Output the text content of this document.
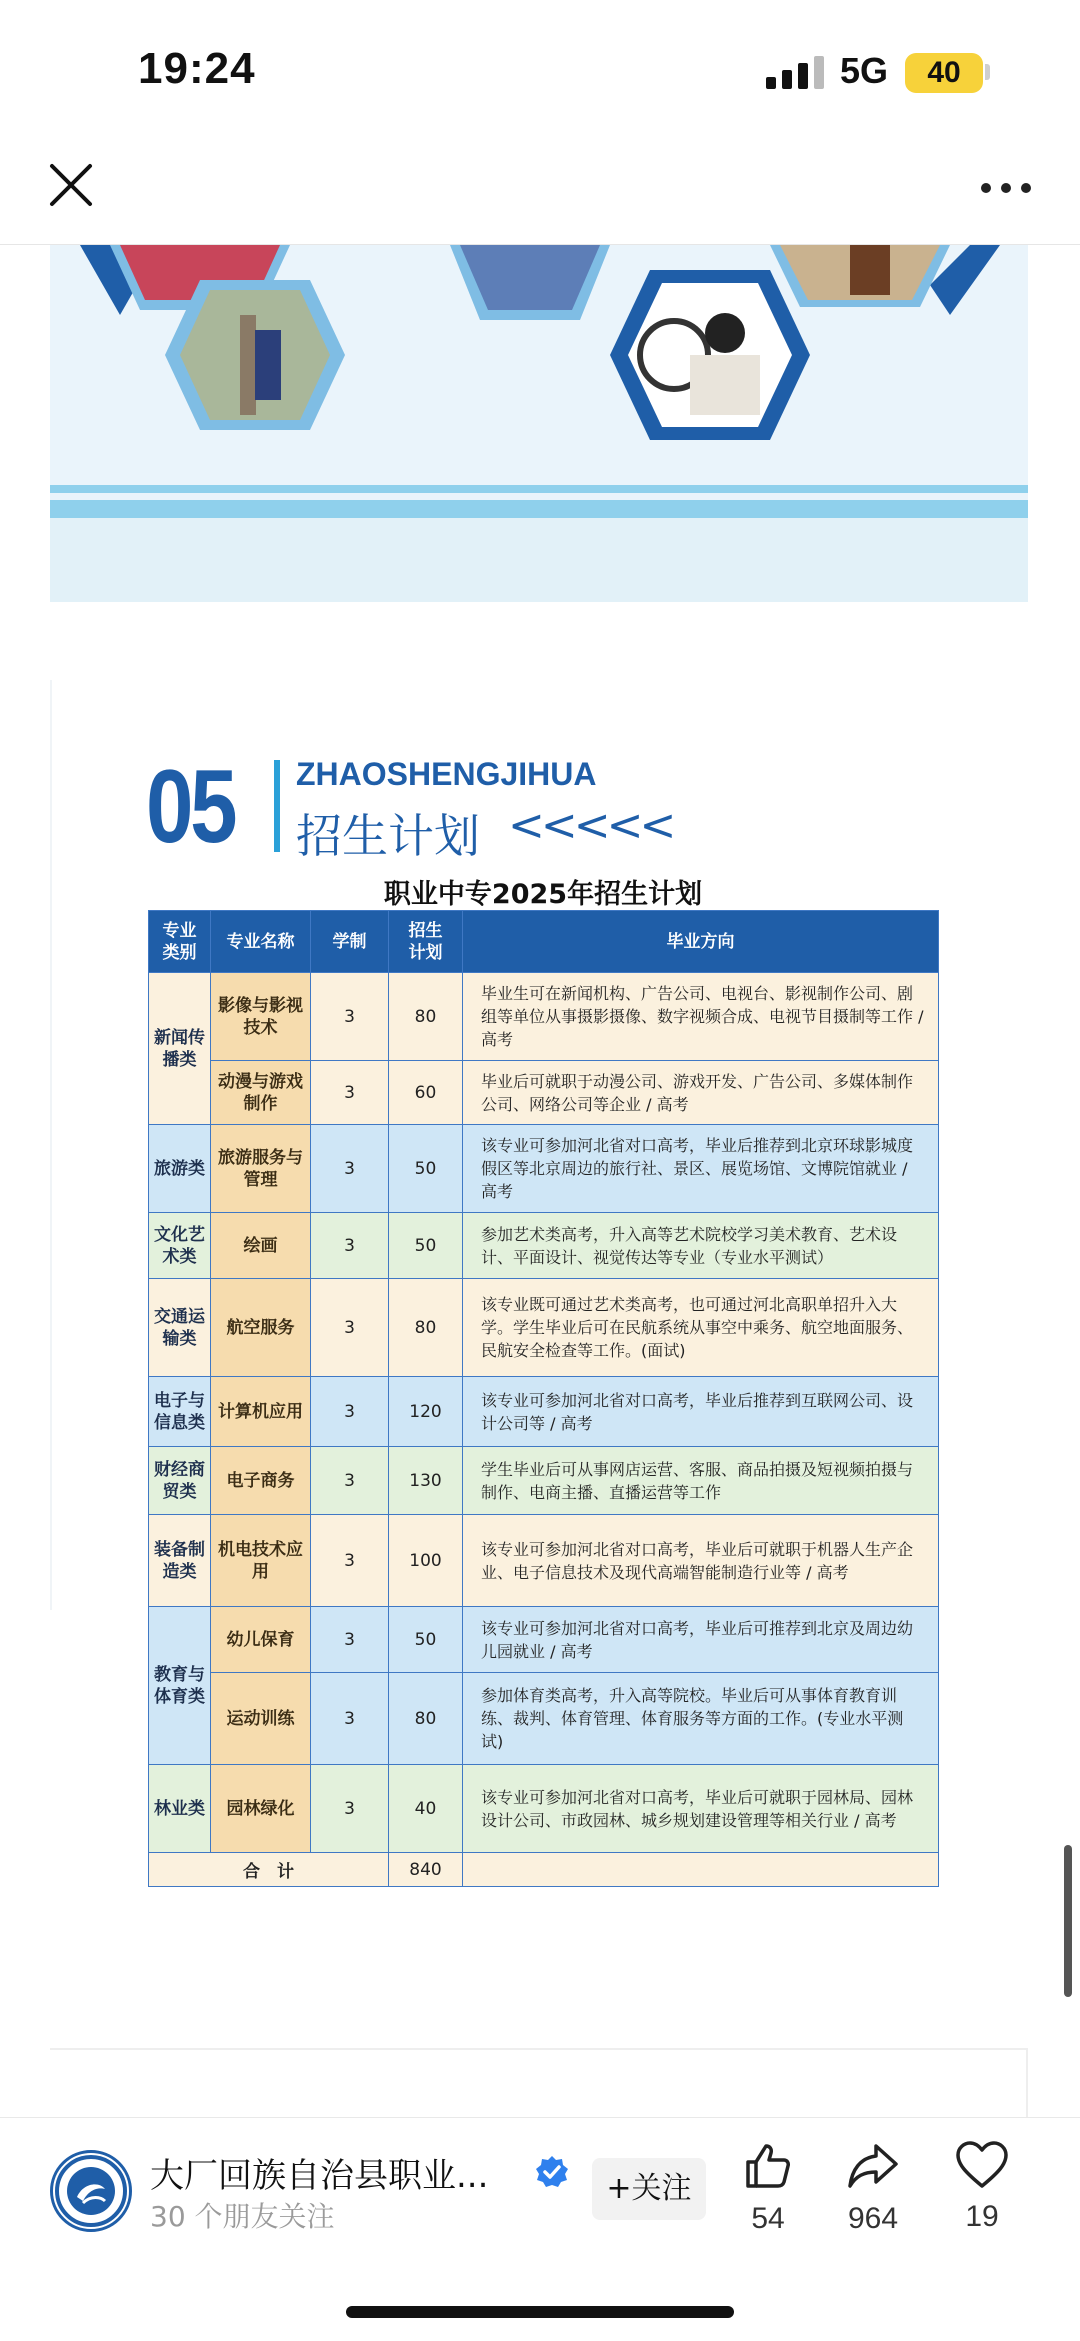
19:24	5G	40
05 ZHAOSHENGJIHUA
招生计划 <<<<<
职业中专2025年招生计划
专业类别	专业名称	学制	招生计划	毕业方向
新闻传播类	影像与影视技术	3	80	毕业生可在新闻机构、广告公司、电视台、影视制作公司、剧组等单位从事摄影摄像、数字视频合成、电视节目摄制等工作 / 高考
	动漫与游戏制作	3	60	毕业后可就职于动漫公司、游戏开发、广告公司、多媒体制作公司、网络公司等企业 / 高考
旅游类	旅游服务与管理	3	50	该专业可参加河北省对口高考，毕业后推荐到北京环球影城度假区等北京周边的旅行社、景区、展览场馆、文博院馆就业 / 高考
文化艺术类	绘画	3	50	参加艺术类高考，升入高等艺术院校学习美术教育、艺术设计、平面设计、视觉传达等专业（专业水平测试）
交通运输类	航空服务	3	80	该专业既可通过艺术类高考，也可通过河北高职单招升入大学。学生毕业后可在民航系统从事空中乘务、航空地面服务、民航安全检查等工作。(面试)
电子与信息类	计算机应用	3	120	该专业可参加河北省对口高考，毕业后推荐到互联网公司、设计公司等 / 高考
财经商贸类	电子商务	3	130	学生毕业后可从事网店运营、客服、商品拍摄及短视频拍摄与制作、电商主播、直播运营等工作
装备制造类	机电技术应用	3	100	该专业可参加河北省对口高考，毕业后可就职于机器人生产企业、电子信息技术及现代高端智能制造行业等 / 高考
教育与体育类	幼儿保育	3	50	该专业可参加河北省对口高考，毕业后可推荐到北京及周边幼儿园就业 / 高考
	运动训练	3	80	参加体育类高考，升入高等院校。毕业后可从事体育教育训练、裁判、体育管理、体育服务等方面的工作。(专业水平测试)
林业类	园林绿化	3	40	该专业可参加河北省对口高考，毕业后可就职于园林局、园林设计公司、市政园林、城乡规划建设管理等相关行业 / 高考
合　计			840	
大厂回族自治县职业...
30 个朋友关注
+关注
54	964	19
